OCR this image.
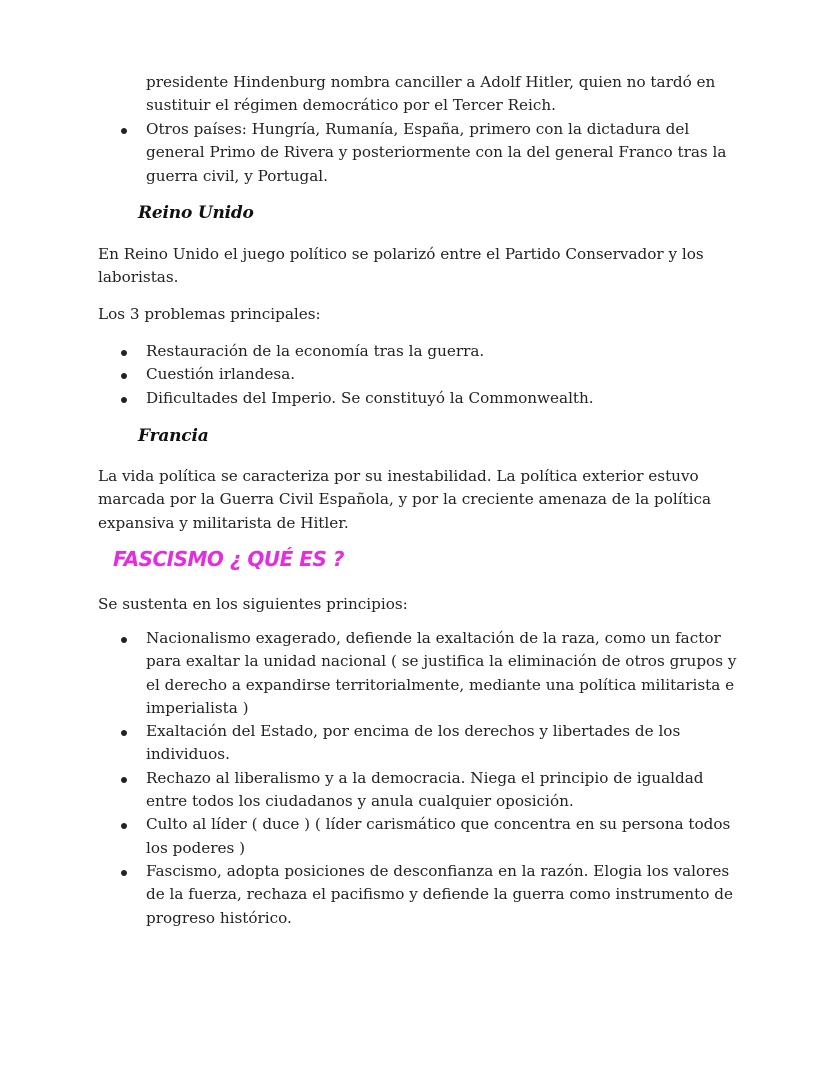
presidente Hindenburg nombra canciller a Adolf Hitler, quien no tardó en
sustituir el régimen democrático por el Tercer Reich.
Otros países: Hungría, Rumanía, España, primero con la dictadura del general Primo de Rivera y posteriormente con la del general Franco tras la guerra civil, y Portugal.
Reino Unido

En Reino Unido el juego político se polarizó entre el Partido Conservador y los laboristas.

Los 3 problemas principales:

Restauración de la economía tras la guerra.
Cuestión irlandesa.
Dificultades del Imperio. Se constituyó la Commonwealth.
Francia

La vida política se caracteriza por su inestabilidad. La política exterior estuvo marcada por la Guerra Civil Española, y por la creciente amenaza de la política expansiva y militarista de Hitler.

FASCISMO ¿ QUÉ ES ?

Se sustenta en los siguientes principios:

Nacionalismo exagerado, defiende la exaltación de la raza, como un factor para exaltar la unidad nacional ( se justifica la eliminación de otros grupos y el derecho a expandirse territorialmente, mediante una política militarista e imperialista )
Exaltación del Estado, por encima de los derechos y libertades de los individuos.
Rechazo al liberalismo y a la democracia. Niega el principio de igualdad entre todos los ciudadanos y anula cualquier oposición.
Culto al líder ( duce ) ( líder carismático que concentra en su persona todos los poderes )
Fascismo, adopta posiciones de desconfianza en la razón. Elogia los valores de la fuerza, rechaza el pacifismo y defiende la guerra como instrumento de progreso histórico.
